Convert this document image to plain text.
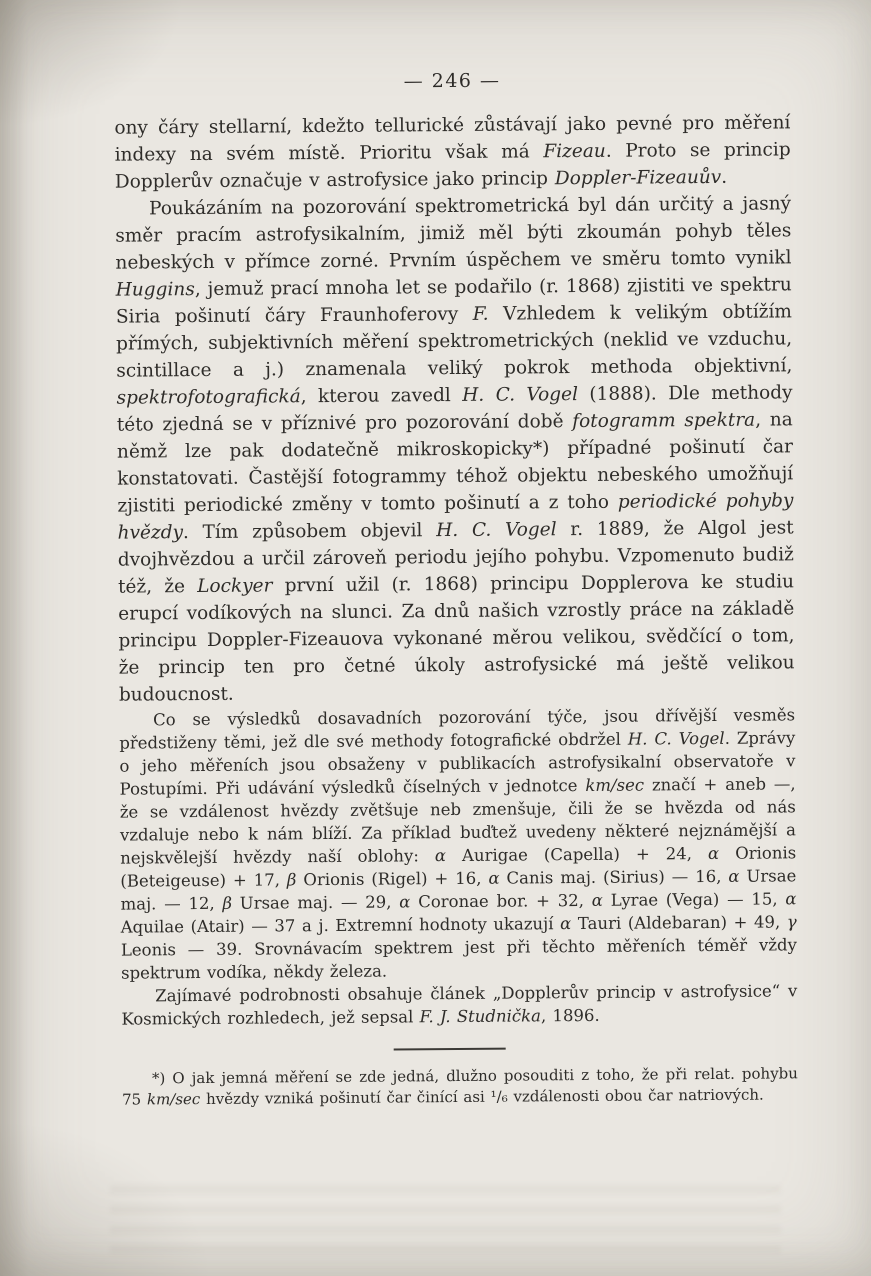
— 246 —

ony čáry stellarní, kdežto tellurické zůstávají jako pevné pro měření indexy na svém místě. Prioritu však má Fizeau. Proto se princip Dopplerův označuje v astrofysice jako princip Doppler-Fizeauův.

Poukázáním na pozorování spektrometrická byl dán určitý a jasný směr pracím astrofysikalním, jimiž měl býti zkoumán pohyb těles nebeských v přímce zorné. Prvním úspěchem ve směru tomto vynikl Huggins, jemuž prací mnoha let se podařilo (r. 1868) zjistiti ve spektru Siria pošinutí čáry Fraunhoferovy F. Vzhledem k velikým obtížím přímých, subjektivních měření spektrometrických (neklid ve vzduchu, scintillace a j.) znamenala veliký pokrok methoda objektivní, spektrofotografická, kterou zavedl H. C. Vogel (1888). Dle methody této zjedná se v příznivé pro pozorování době fotogramm spektra, na němž lze pak dodatečně mikroskopicky*) případné pošinutí čar konstatovati. Častější fotogrammy téhož objektu nebeského umožňují zjistiti periodické změny v tomto pošinutí a z toho periodické pohyby hvězdy. Tím způsobem objevil H. C. Vogel r. 1889, že Algol jest dvojhvězdou a určil zároveň periodu jejího pohybu. Vzpomenuto budiž též, že Lockyer první užil (r. 1868) principu Dopplerova ke studiu erupcí vodíkových na slunci. Za dnů našich vzrostly práce na základě principu Doppler-Fizeauova vykonané měrou velikou, svědčící o tom, že princip ten pro četné úkoly astrofysické má ještě velikou budoucnost.

Co se výsledků dosavadních pozorování týče, jsou dřívější vesměs předstiženy těmi, jež dle své methody fotografické obdržel H. C. Vogel. Zprávy o jeho měřeních jsou obsaženy v publikacích astrofysikalní observatoře v Postupími. Při udávání výsledků číselných v jednotce km/sec značí + aneb —, že se vzdálenost hvězdy zvětšuje neb zmenšuje, čili že se hvězda od nás vzdaluje nebo k nám blíží. Za příklad buďtež uvedeny některé nejznámější a nejskvělejší hvězdy naší oblohy: α Aurigae (Capella) + 24, α Orionis (Beteigeuse) + 17, β Orionis (Rigel) + 16, α Canis maj. (Sirius) — 16, α Ursae maj. — 12, β Ursae maj. — 29, α Coronae bor. + 32, α Lyrae (Vega) — 15, α Aquilae (Atair) — 37 a j. Extremní hodnoty ukazují α Tauri (Aldebaran) + 49, γ Leonis — 39. Srovnávacím spektrem jest při těchto měřeních téměř vždy spektrum vodíka, někdy železa.

Zajímavé podrobnosti obsahuje článek „Dopplerův princip v astrofysice“ v Kosmických rozhledech, jež sepsal F. J. Studnička, 1896.

*) O jak jemná měření se zde jedná, dlužno posouditi z toho, že při relat. pohybu 75 km/sec hvězdy vzniká pošinutí čar činící asi ¹/₆ vzdálenosti obou čar natriových.
